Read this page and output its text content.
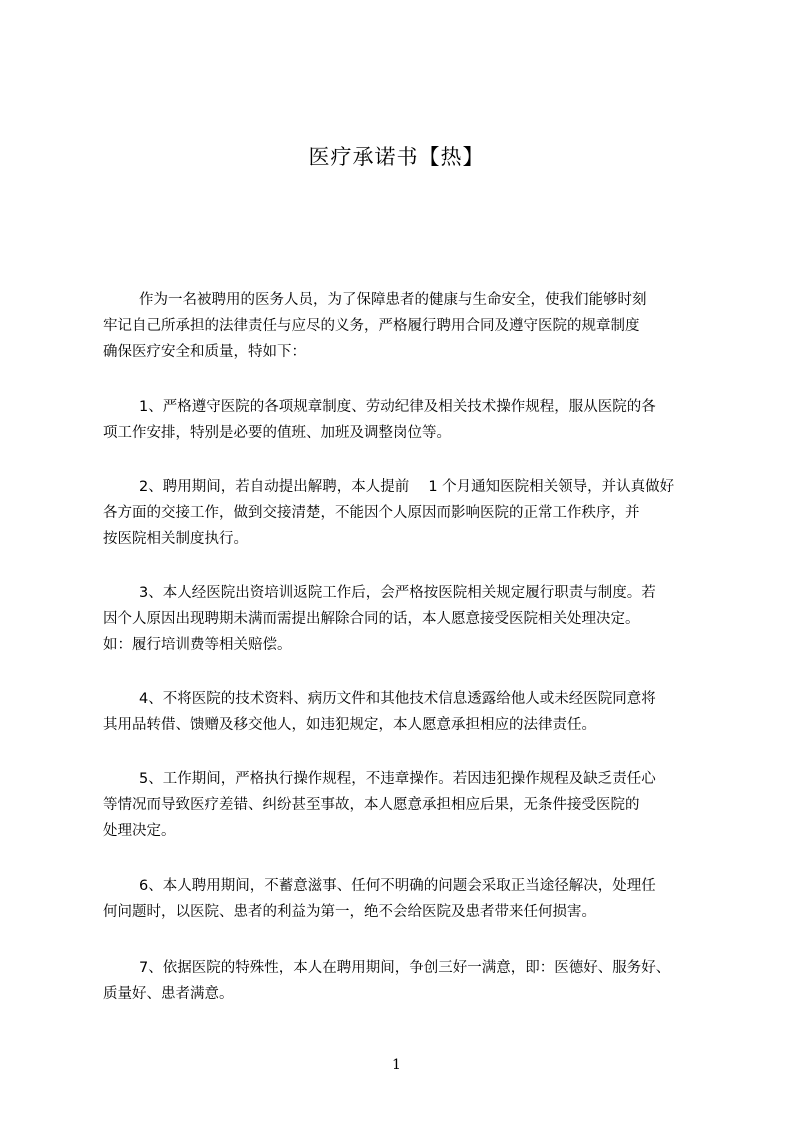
医疗承诺书【热】
作为一名被聘用的医务人员，为了保障患者的健康与生命安全，使我们能够时刻
牢记自己所承担的法律责任与应尽的义务，严格履行聘用合同及遵守医院的规章制度
确保医疗安全和质量，特如下：
1、严格遵守医院的各项规章制度、劳动纪律及相关技术操作规程，服从医院的各
项工作安排，特别是必要的值班、加班及调整岗位等。
2、聘用期间，若自动提出解聘，本人提前　 1 个月通知医院相关领导，并认真做好
各方面的交接工作，做到交接清楚，不能因个人原因而影响医院的正常工作秩序，并
按医院相关制度执行。
3、本人经医院出资培训返院工作后，会严格按医院相关规定履行职责与制度。若
因个人原因出现聘期未满而需提出解除合同的话，本人愿意接受医院相关处理决定。
如：履行培训费等相关赔偿。
4、不将医院的技术资料、病历文件和其他技术信息透露给他人或未经医院同意将
其用品转借、馈赠及移交他人，如违犯规定，本人愿意承担相应的法律责任。
5、工作期间，严格执行操作规程，不违章操作。若因违犯操作规程及缺乏责任心
等情况而导致医疗差错、纠纷甚至事故，本人愿意承担相应后果，无条件接受医院的
处理决定。
6、本人聘用期间，不蓄意滋事、任何不明确的问题会采取正当途径解决，处理任
何问题时，以医院、患者的利益为第一，绝不会给医院及患者带来任何损害。
7、依据医院的特殊性，本人在聘用期间，争创三好一满意，即：医德好、服务好、
质量好、患者满意。
1
